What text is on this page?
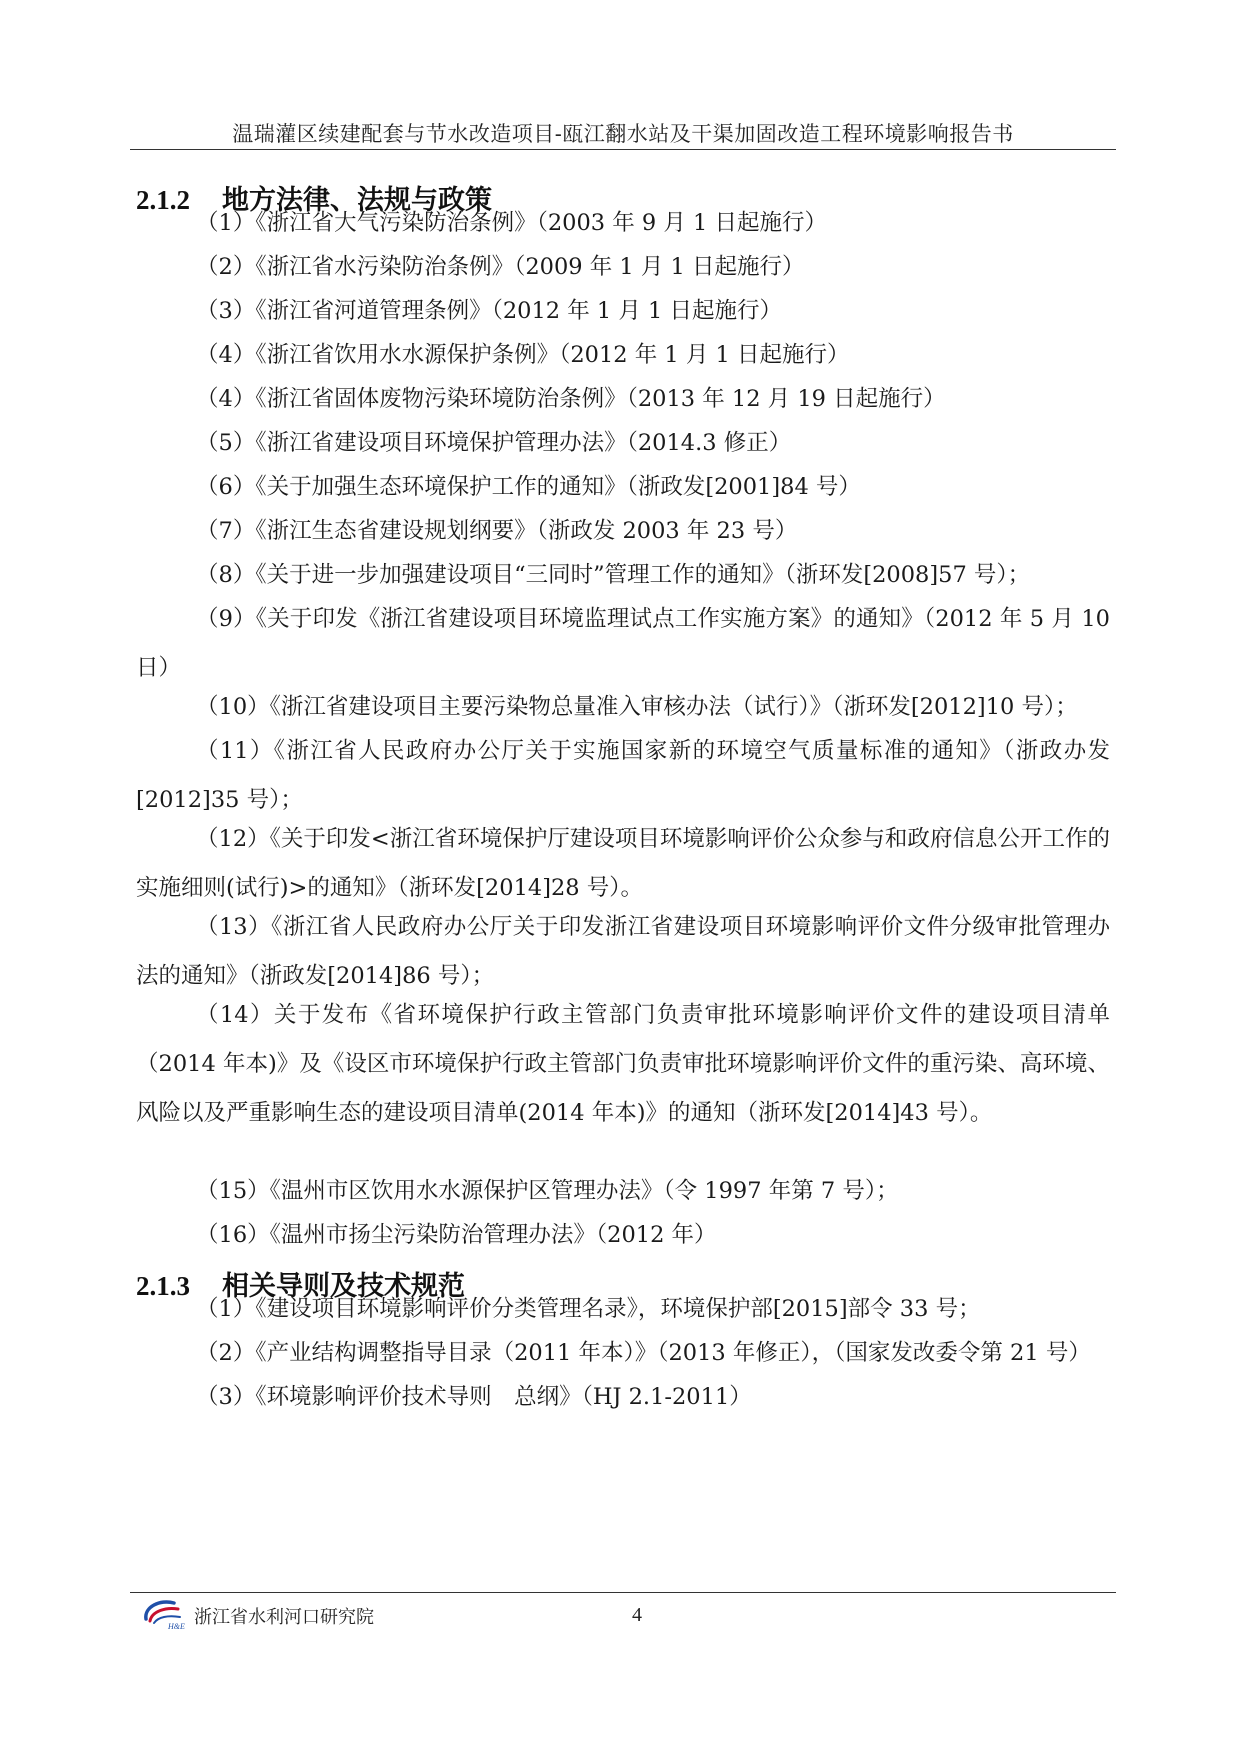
温瑞灌区续建配套与节水改造项目-瓯江翻水站及干渠加固改造工程环境影响报告书
2.1.2 地方法律、法规与政策
（1）《浙江省大气污染防治条例》（2003 年 9 月 1 日起施行）
（2）《浙江省水污染防治条例》（2009 年 1 月 1 日起施行）
（3）《浙江省河道管理条例》（2012 年 1 月 1 日起施行）
（4）《浙江省饮用水水源保护条例》（2012 年 1 月 1 日起施行）
（4）《浙江省固体废物污染环境防治条例》（2013 年 12 月 19 日起施行）
（5）《浙江省建设项目环境保护管理办法》（2014.3 修正）
（6）《关于加强生态环境保护工作的通知》（浙政发[2001]84 号）
（7）《浙江生态省建设规划纲要》（浙政发 2003 年 23 号）
（8）《关于进一步加强建设项目“三同时”管理工作的通知》（浙环发[2008]57 号）；
（9）《关于印发《浙江省建设项目环境监理试点工作实施方案》的通知》（2012 年 5 月 10 日）
（10）《浙江省建设项目主要污染物总量准入审核办法（试行）》（浙环发[2012]10 号）；
（11）《浙江省人民政府办公厅关于实施国家新的环境空气质量标准的通知》（浙政办发[2012]35 号）；
（12）《关于印发<浙江省环境保护厅建设项目环境影响评价公众参与和政府信息公开工作的实施细则(试行)>的通知》（浙环发[2014]28 号）。
（13）《浙江省人民政府办公厅关于印发浙江省建设项目环境影响评价文件分级审批管理办法的通知》（浙政发[2014]86 号）；
（14）关于发布《省环境保护行政主管部门负责审批环境影响评价文件的建设项目清单（2014 年本)》及《设区市环境保护行政主管部门负责审批环境影响评价文件的重污染、高环境、风险以及严重影响生态的建设项目清单(2014 年本)》的通知（浙环发[2014]43 号）。
（15）《温州市区饮用水水源保护区管理办法》（令 1997 年第 7 号）；
（16）《温州市扬尘污染防治管理办法》（2012 年）
2.1.3 相关导则及技术规范
（1）《建设项目环境影响评价分类管理名录》，环境保护部[2015]部令 33 号；
（2）《产业结构调整指导目录（2011 年本）》（2013 年修正），（国家发改委令第 21 号）
（3）《环境影响评价技术导则　总纲》（HJ 2.1-2011）
H&E 浙江省水利河口研究院	4
